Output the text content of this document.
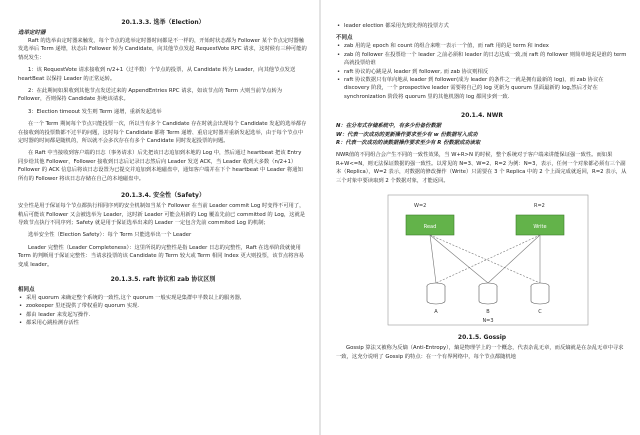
20.1.3.3. 选举（Election）
选举定时器

Raft 的选举由定时器来触发，每个节点的选举定时器时间都是不一样的，开始时状态都为 Follower 某个节点定时器触发选举后 Term 递增，状态由 Follower 转为 Candidate，向其他节点发起 RequestVote RPC 请求，这时候有三种可能的情况发生：

1：该 RequestVote 请求接收到 n/2+1（过半数）个节点的投票，从 Candidate 转为 Leader，向其他节点发送 heartBeat 以保持 Leader 的正常运转。

2：在此期间如果收到其他节点发送过来的 AppendEntries RPC 请求，如该节点的 Term 大则当前节点转为 Follower，否则保持 Candidate 拒绝该请求。

3：Election timeout 发生则 Term 递增，重新发起选举

在一个 Term 期间每个节点只能投票一次，所以当有多个 Candidate 存在时就会出现每个 Candidate 发起的选举都存在接收到的投票数都不过半的问题，这时每个 Candidate 都将 Term 递增、重启定时器并重新发起选举，由于每个节点中定时器的时间都是随机的，所以就不会多次存在有多个 Candidate 同时发起投票的问题。

在 Raft 中当接收到客户端的日志（事务请求）后先把该日志追加到本地的 Log 中，然后通过 heartbeat 把该 Entry 同步给其他 Follower，Follower 接收到日志后记录日志然后向 Leader 发送 ACK，当 Leader 收到大多数（n/2+1）Follower 的 ACK 信息后将该日志设置为已提交并追加到本地磁盘中，通知客户端并在下个 heartbeat 中 Leader 将通知所有的 Follower 将该日志存储在自己的本地磁盘中。

20.1.3.4. 安全性（Safety）

安全性是用于保证每个节点都执行相同序列的安全机制如当某个 Follower 在当前 Leader commit Log 时变得不可用了，稍后可能该 Follower 又会被选举为 Leader，这时新 Leader 可能会用新的 Log 覆盖先前已 committed 的 Log，这就是导致节点执行不同序列；Safety 就是用于保证选举出来的 Leader 一定包含先前 commited Log 的机制；

选举安全性（Election Safety）：每个 Term 只能选举出一个 Leader

Leader 完整性（Leader Completeness）：这里所说的完整性是指 Leader 日志的完整性，Raft 在选举阶段就使用 Term 的判断用于保证完整性：当请求投票的该 Candidate 的 Term 较大或 Term 相同 Index 更大则投票，该节点将容易变成 leader。

20.1.3.5. raft 协议和 zab 协议区别
相同点
• 采用 quorum 来确定整个系统的一致性,这个 quorum 一般实现是集群中半数以上的服务器,
• zookeeper 里还提供了带权重的 quorum 实现.
• 都由 leader 来发起写操作.
• 都采用心跳检测存活性
• leader election 都采用先到先得的投票方式
不同点
• zab 用的是 epoch 和 count 的组合来唯一表示一个值，而 raft 用的是 term 和 index
• zab 的 follower 在投票给一个 leader 之前必须和 leader 的日志达成一致,而 raft 的 follower 则简单地说是谁的 term 高就投票给谁
• raft 协议的心跳是从 leader 到 follower, 而 zab 协议则相反
• raft 协议数据只有单向地从 leader 到 follower(成为 leader 的条件之一就是拥有最新的 log)，而 zab 协议在 discovery 阶段，一个 prospective leader 需要将自己的 log 更新为 quorum 里面最新的 log,然后才好在 synchronization 阶段将 quorum 里的其他机器的 log 都同步到一致.
20.1.4. NWR

N：在分布式存储系统中，有多少份备份数据

W：代表一次成功的更新操作要求至少有 w 份数据写入成功

R：代表一次成功的读数据操作要求至少有 R 份数据成功读取

NWR值的不同组合会产生不同的一致性效果，当 W+R>N 的时候，整个系统对于客户端来讲能保证强一致性。而如果 R+W<=N，则无法保证数据的强一致性。以常见的 N=3、W=2、R=2 为例：N=3，表示，任何一个对象都必须有三个副本（Replica），W=2 表示，对数据的修改操作（Write）只需要在 3 个 Replica 中的 2 个上面完成就返回，R=2 表示，从三个对象中要读取到 2 个数据对象，才能返回。

W=2	R=2
Read	Write
A	B	C
N=3
20.1.5. Gossip

Gossip 算法又被称为反熵（Anti-Entropy），熵是物理学上的一个概念，代表杂乱无章，而反熵就是在杂乱无章中寻求一致，这充分说明了 Gossip 的特点：在一个有界网络中，每个节点都随机地
